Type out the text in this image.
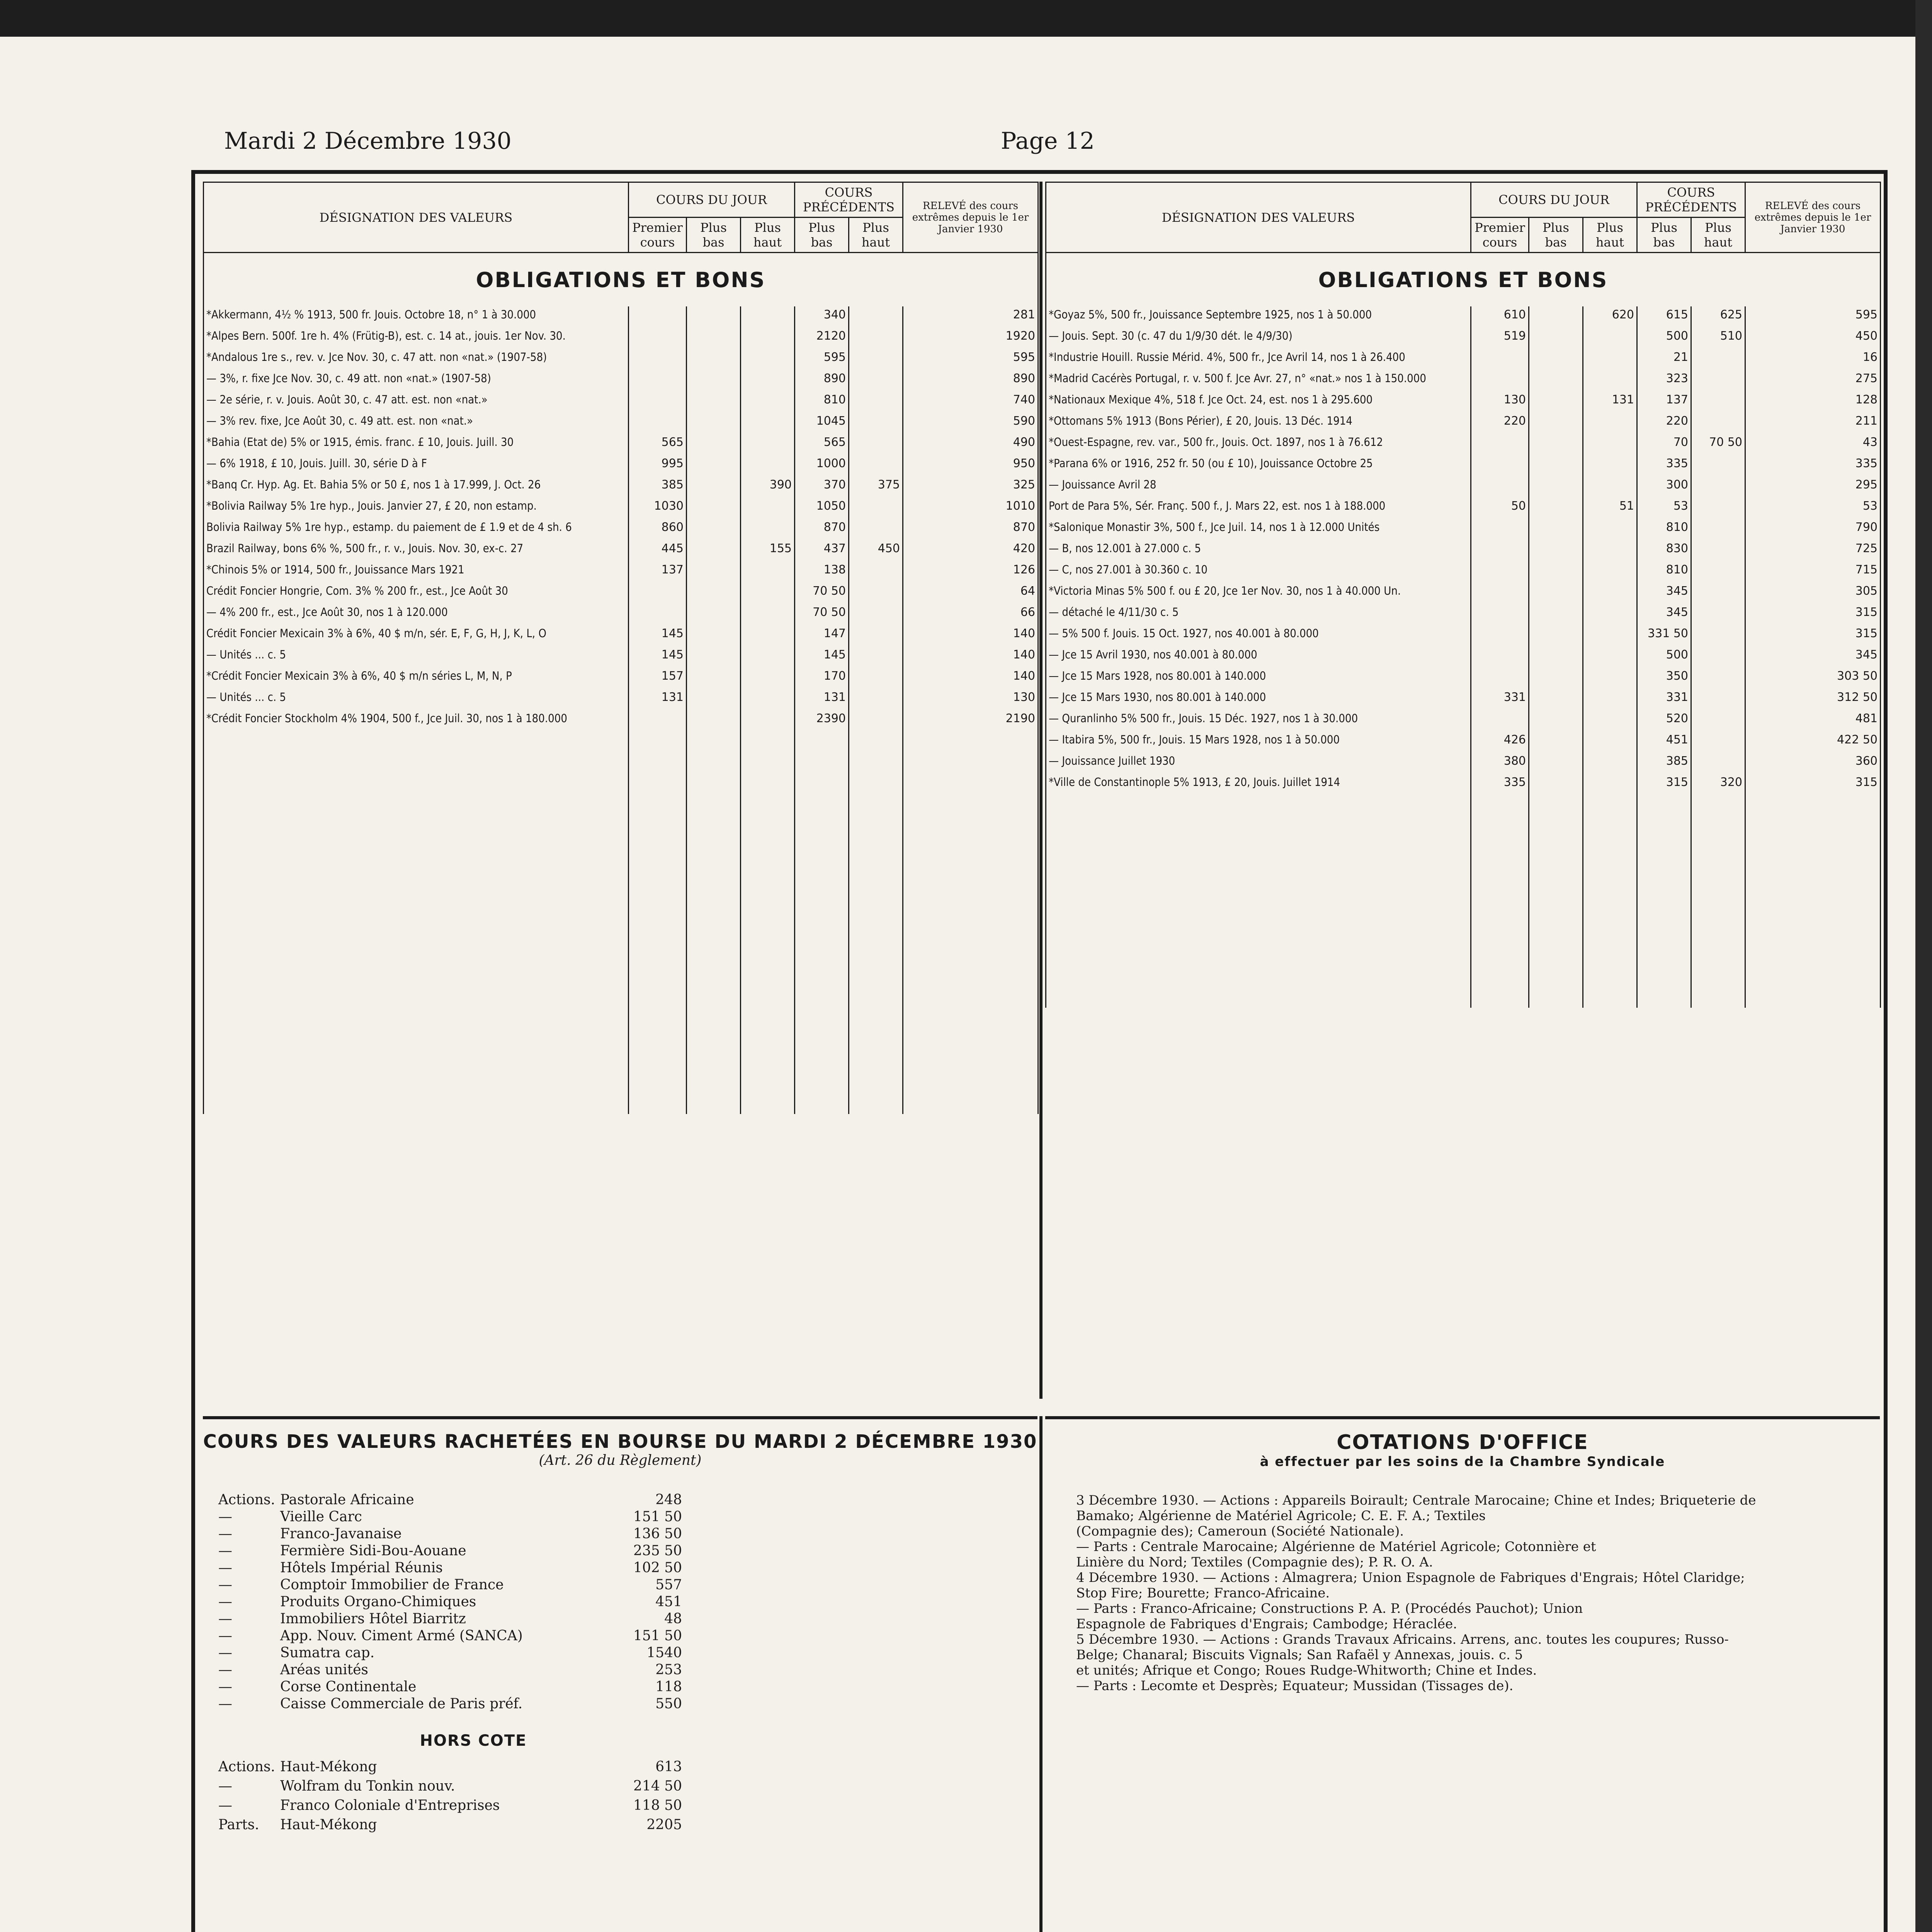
Mardi 2 Décembre 1930	Page 12
DÉSIGNATION DES VALEURS	COURS DU JOUR			COURS PRÉCÉDENTS		RELEVÉ des cours extrêmes depuis le 1er Janvier 1930	
	Premier cours	Plus bas	Plus haut	Plus bas	Plus haut		
OBLIGATIONS ET BONS							
*Akkermann, 4½ % 1913, 500 fr. Jouis. Octobre 18, n° 1 à 30.000				340		281	
*Alpes Bern. 500f. 1re h. 4% (Frütig-B), est. c. 14 at., jouis. 1er Nov. 30.				2120		1920	
*Andalous 1re s., rev. v. Jce Nov. 30, c. 47 att. non «nat.» (1907-58)				595		595	
— 3%, r. fixe Jce Nov. 30, c. 49 att. non «nat.» (1907-58)				890		890	
— 2e série, r. v. Jouis. Août 30, c. 47 att. est. non «nat.»				810		740	
— 3% rev. fixe, Jce Août 30, c. 49 att. est. non «nat.»				1045		590	
*Bahia (Etat de) 5% or 1915, émis. franc. £ 10, Jouis. Juill. 30	565			565		490	
— 6% 1918, £ 10, Jouis. Juill. 30, série D à F	995			1000		950	
*Banq Cr. Hyp. Ag. Et. Bahia 5% or 50 £, nos 1 à 17.999, J. Oct. 26	385		390	370	375	325	
*Bolivia Railway 5% 1re hyp., Jouis. Janvier 27, £ 20, non estamp.	1030			1050		1010	
Bolivia Railway 5% 1re hyp., estamp. du paiement de £ 1.9 et de 4 sh. 6	860			870		870	
Brazil Railway, bons 6% %, 500 fr., r. v., Jouis. Nov. 30, ex-c. 27	445		155	437	450	420	
*Chinois 5% or 1914, 500 fr., Jouissance Mars 1921	137			138		126	
Crédit Foncier Hongrie, Com. 3% % 200 fr., est., Jce Août 30				70 50		64	
— 4% 200 fr., est., Jce Août 30, nos 1 à 120.000				70 50		66	
Crédit Foncier Mexicain 3% à 6%, 40 $ m/n, sér. E, F, G, H, J, K, L, O	145			147		140	
— Unités ... c. 5	145			145		140	
*Crédit Foncier Mexicain 3% à 6%, 40 $ m/n séries L, M, N, P	157			170		140	
— Unités ... c. 5	131			131		130	
*Crédit Foncier Stockholm 4% 1904, 500 f., Jce Juil. 30, nos 1 à 180.000				2390		2190	

DÉSIGNATION DES VALEURS	COURS DU JOUR			COURS PRÉCÉDENTS		RELEVÉ des cours extrêmes depuis le 1er Janvier 1930	
	Premier cours	Plus bas	Plus haut	Plus bas	Plus haut		
OBLIGATIONS ET BONS							
*Goyaz 5%, 500 fr., Jouissance Septembre 1925, nos 1 à 50.000	610		620	615	625	595	
— Jouis. Sept. 30 (c. 47 du 1/9/30 dét. le 4/9/30)	519			500	510	450	
*Industrie Houill. Russie Mérid. 4%, 500 fr., Jce Avril 14, nos 1 à 26.400				21		16	
*Madrid Cacérès Portugal, r. v. 500 f. Jce Avr. 27, n° «nat.» nos 1 à 150.000				323		275	
*Nationaux Mexique 4%, 518 f. Jce Oct. 24, est. nos 1 à 295.600	130		131	137		128	
*Ottomans 5% 1913 (Bons Périer), £ 20, Jouis. 13 Déc. 1914	220			220		211	
*Ouest-Espagne, rev. var., 500 fr., Jouis. Oct. 1897, nos 1 à 76.612				70	70 50	43	
*Parana 6% or 1916, 252 fr. 50 (ou £ 10), Jouissance Octobre 25				335		335	
— Jouissance Avril 28				300		295	
Port de Para 5%, Sér. Franç. 500 f., J. Mars 22, est. nos 1 à 188.000	50		51	53		53	
*Salonique Monastir 3%, 500 f., Jce Juil. 14, nos 1 à 12.000 Unités				810		790	
— B, nos 12.001 à 27.000 c. 5				830		725	
— C, nos 27.001 à 30.360 c. 10				810		715	
*Victoria Minas 5% 500 f. ou £ 20, Jce 1er Nov. 30, nos 1 à 40.000 Un.				345		305	
— détaché le 4/11/30 c. 5				345		315	
— 5% 500 f. Jouis. 15 Oct. 1927, nos 40.001 à 80.000				331 50		315	
— Jce 15 Avril 1930, nos 40.001 à 80.000				500		345	
— Jce 15 Mars 1928, nos 80.001 à 140.000				350		303 50	
— Jce 15 Mars 1930, nos 80.001 à 140.000	331			331		312 50	
— Quranlinho 5% 500 fr., Jouis. 15 Déc. 1927, nos 1 à 30.000				520		481	
— Itabira 5%, 500 fr., Jouis. 15 Mars 1928, nos 1 à 50.000	426			451		422 50	
— Jouissance Juillet 1930	380			385		360	
*Ville de Constantinople 5% 1913, £ 20, Jouis. Juillet 1914	335			315	320	315	

COURS DES VALEURS RACHETÉES EN BOURSE DU MARDI 2 DÉCEMBRE 1930
(Art. 26 du Règlement)
Actions. Pastorale Africaine	248
—	Vieille Carc	151 50
—	Franco-Javanaise	136 50
—	Fermière Sidi-Bou-Aouane	235 50
—	Hôtels Impérial Réunis	102 50
—	Comptoir Immobilier de France	557
—	Produits Organo-Chimiques	451
—	Immobiliers Hôtel Biarritz	48
—	App. Nouv. Ciment Armé (SANCA)	151 50
—	Sumatra cap.	1540
—	Aréas unités	253
—	Corse Continentale	118
—	Caisse Commerciale de Paris préf.	550
HORS COTE
Actions. Haut-Mékong	613
—	Wolfram du Tonkin nouv.	214 50
—	Franco Coloniale d'Entreprises	118 50
Parts.	Haut-Mékong	2205
COTATIONS D'OFFICE
à effectuer par les soins de la Chambre Syndicale
3 Décembre 1930. — Actions : Appareils Boirault; Centrale Marocaine; Chine et Indes; Briqueterie de
Bamako; Algérienne de Matériel Agricole; C. E. F. A.; Textiles
(Compagnie des); Cameroun (Société Nationale).
— Parts : Centrale Marocaine; Algérienne de Matériel Agricole; Cotonnière et
Linière du Nord; Textiles (Compagnie des); P. R. O. A.
4 Décembre 1930. — Actions : Almagrera; Union Espagnole de Fabriques d'Engrais; Hôtel Claridge;
Stop Fire; Bourette; Franco-Africaine.
— Parts : Franco-Africaine; Constructions P. A. P. (Procédés Pauchot); Union
Espagnole de Fabriques d'Engrais; Cambodge; Héraclée.
5 Décembre 1930. — Actions : Grands Travaux Africains. Arrens, anc. toutes les coupures; Russo-
Belge; Chanaral; Biscuits Vignals; San Rafaël y Annexas, jouis. c. 5
et unités; Afrique et Congo; Roues Rudge-Whitworth; Chine et Indes.
— Parts : Lecomte et Desprès; Equateur; Mussidan (Tissages de).
